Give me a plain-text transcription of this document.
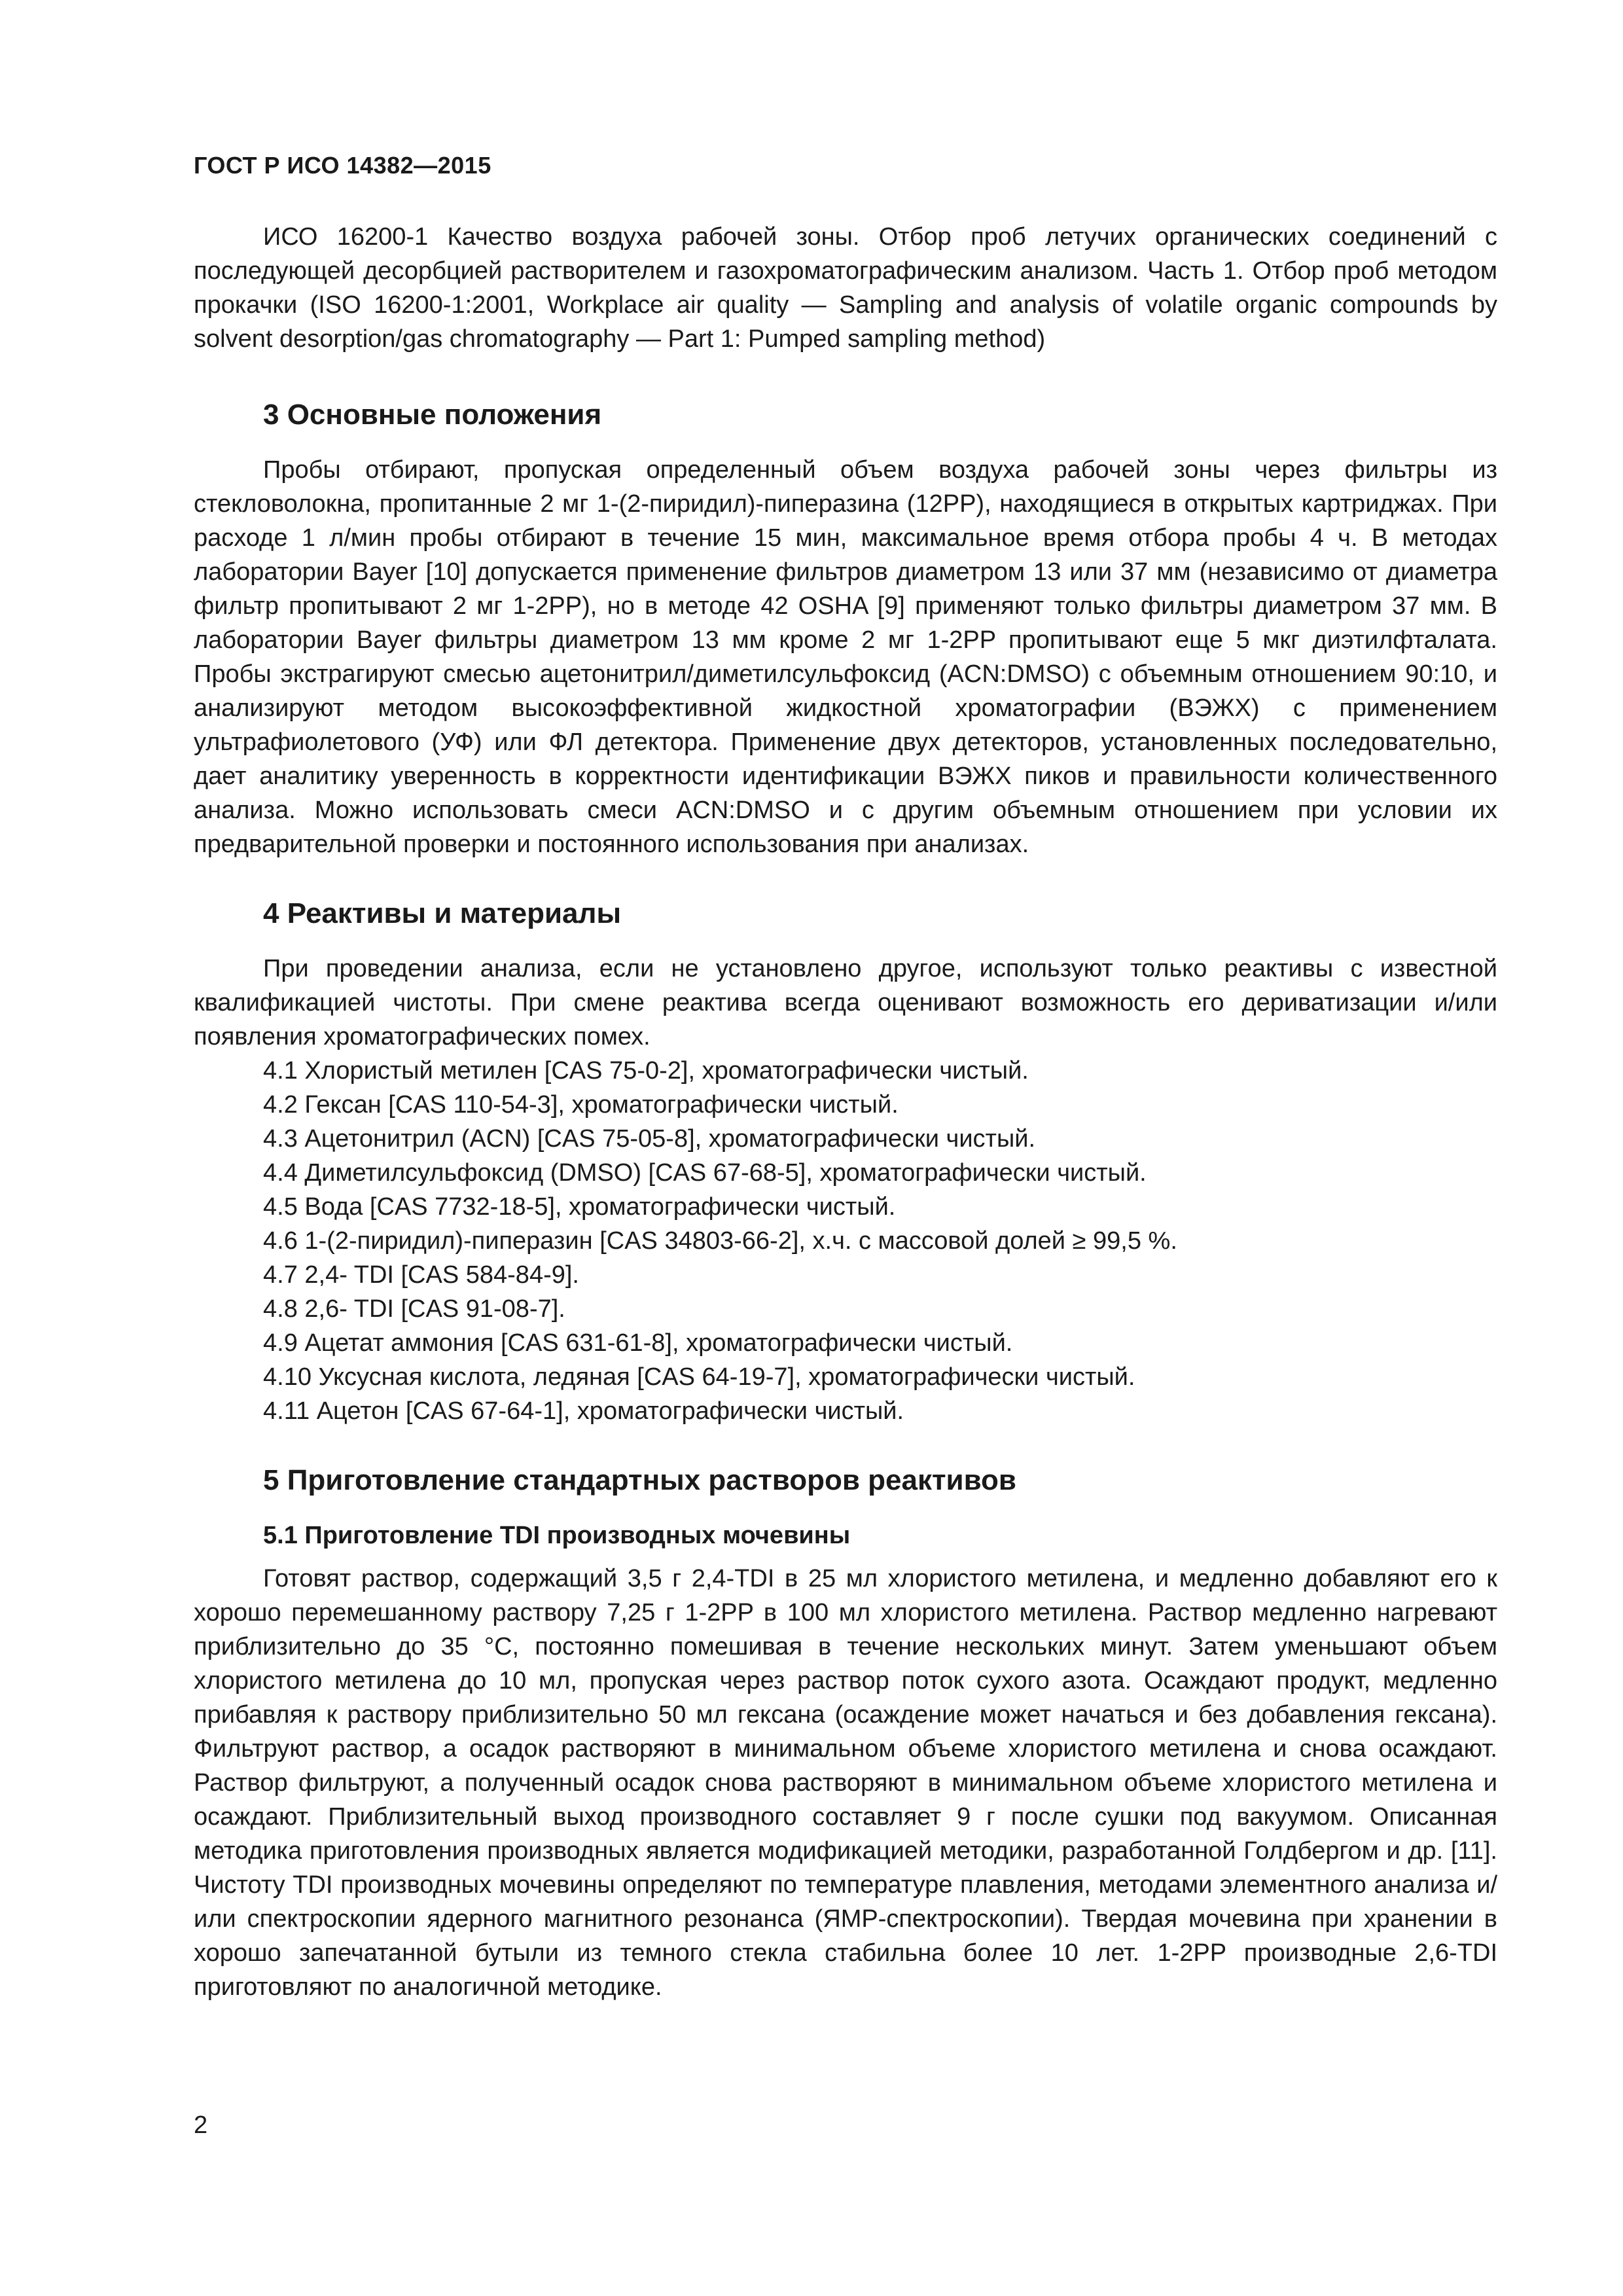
ГОСТ Р ИСО 14382—2015

ИСО 16200-1 Качество воздуха рабочей зоны. Отбор проб летучих органических соединений с последующей десорбцией растворителем и газохроматографическим анализом. Часть 1. Отбор проб методом прокачки (ISO 16200-1:2001, Workplace air quality — Sampling and analysis of volatile organic compounds by solvent desorption/gas chromatography — Part 1: Pumped sampling method)

3 Основные положения

Пробы отбирают, пропуская определенный объем воздуха рабочей зоны через фильтры из стекловолокна, пропитанные 2 мг 1-(2-пиридил)-пиперазина (12PP), находящиеся в открытых картриджах. При расходе 1 л/мин пробы отбирают в течение 15 мин, максимальное время отбора пробы 4 ч. В методах лаборатории Bayer [10] допускается применение фильтров диаметром 13 или 37 мм (независимо от диаметра фильтр пропитывают 2 мг 1-2PP), но в методе 42 OSHA [9] применяют только фильтры диаметром 37 мм. В лаборатории Bayer фильтры диаметром 13 мм кроме 2 мг 1-2PP пропитывают еще 5 мкг диэтилфталата. Пробы экстрагируют смесью ацетонитрил/диметилсульфоксид (ACN:DMSO) с объемным отношением 90:10, и анализируют методом высокоэффективной жидкостной хроматографии (ВЭЖХ) с применением ультрафиолетового (УФ) или ФЛ детектора. Применение двух детекторов, установленных последовательно, дает аналитику уверенность в корректности идентификации ВЭЖХ пиков и правильности количественного анализа. Можно использовать смеси ACN:DMSO и с другим объемным отношением при условии их предварительной проверки и постоянного использования при анализах.

4 Реактивы и материалы

При проведении анализа, если не установлено другое, используют только реактивы с известной квалификацией чистоты. При смене реактива всегда оценивают возможность его дериватизации и/или появления хроматографических помех.

4.1 Хлористый метилен [CAS 75-0-2], хроматографически чистый.
4.2 Гексан [CAS 110-54-3], хроматографически чистый.
4.3 Ацетонитрил (ACN) [CAS 75-05-8], хроматографически чистый.
4.4 Диметилсульфоксид (DMSO) [CAS 67-68-5], хроматографически чистый.
4.5 Вода [CAS 7732-18-5], хроматографически чистый.
4.6 1-(2-пиридил)-пиперазин [CAS 34803-66-2], х.ч. с массовой долей ≥ 99,5 %.
4.7 2,4- TDI [CAS 584-84-9].
4.8 2,6- TDI [CAS 91-08-7].
4.9 Ацетат аммония [CAS 631-61-8], хроматографически чистый.
4.10 Уксусная кислота, ледяная [CAS 64-19-7], хроматографически чистый.
4.11 Ацетон [CAS 67-64-1], хроматографически чистый.
5 Приготовление стандартных растворов реактивов
5.1 Приготовление TDI производных мочевины

Готовят раствор, содержащий 3,5 г 2,4-TDI в 25 мл хлористого метилена, и медленно добавляют его к хорошо перемешанному раствору 7,25 г 1-2PP в 100 мл хлористого метилена. Раствор медленно нагревают приблизительно до 35 °С, постоянно помешивая в течение нескольких минут. Затем уменьшают объем хлористого метилена до 10 мл, пропуская через раствор поток сухого азота. Осаждают продукт, медленно прибавляя к раствору приблизительно 50 мл гексана (осаждение может начаться и без добавления гексана). Фильтруют раствор, а осадок растворяют в минимальном объеме хлористого метилена и снова осаждают. Раствор фильтруют, а полученный осадок снова растворяют в минимальном объеме хлористого метилена и осаждают. Приблизительный выход производного составляет 9 г после сушки под вакуумом. Описанная методика приготовления производных является модификацией методики, разработанной Голдбергом и др. [11]. Чистоту TDI производных мочевины определяют по температуре плавления, методами элементного анализа и/или спектроскопии ядерного магнитного резонанса (ЯМР-спектроскопии). Твердая мочевина при хранении в хорошо запечатанной бутыли из темного стекла стабильна более 10 лет. 1-2PP производные 2,6-TDI приготовляют по аналогичной методике.

2
